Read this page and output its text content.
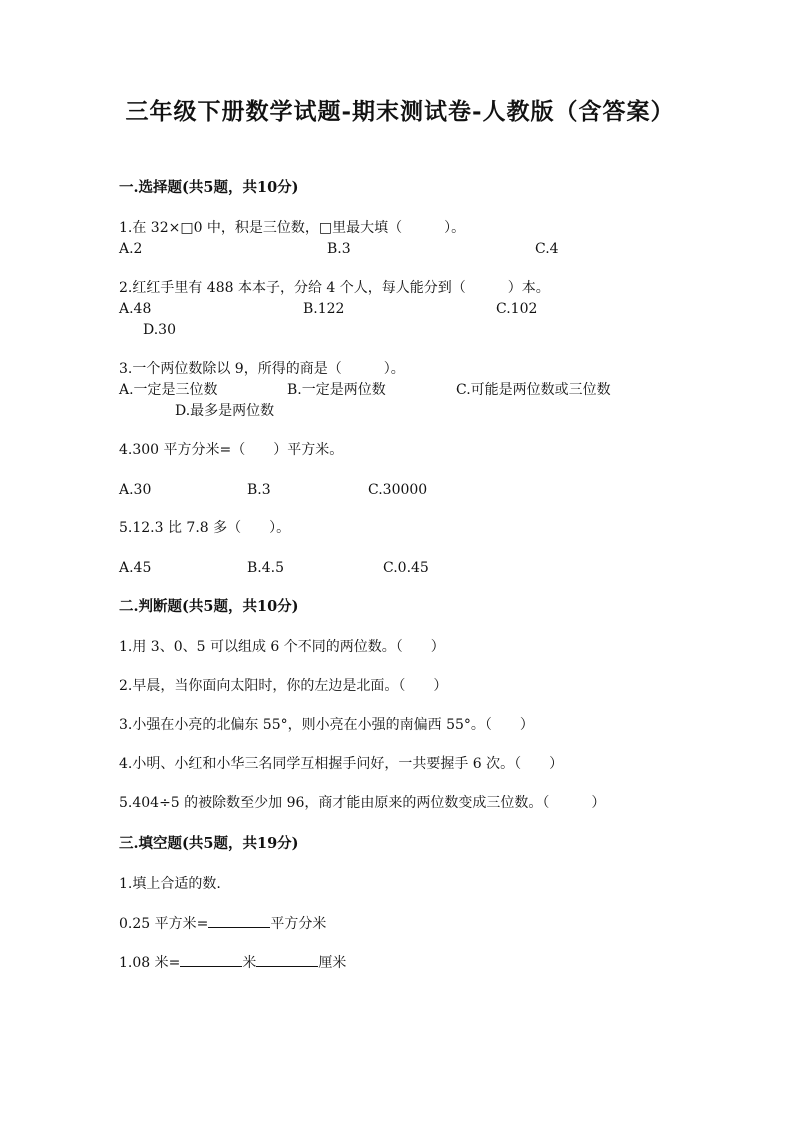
三年级下册数学试题-期末测试卷-人教版（含答案）
一.选择题(共5题，共10分)
1.在 32×□0 中，积是三位数，□里最大填（　　　）。
A.2	B.3	C.4
2.红红手里有 488 本本子，分给 4 个人，每人能分到（　　　）本。
A.48	B.122	C.102
D.30
3.一个两位数除以 9，所得的商是（　　　）。
A.一定是三位数	B.一定是两位数	C.可能是两位数或三位数
D.最多是两位数
4.300 平方分米=（　　）平方米。
A.30	B.3	C.30000
5.12.3 比 7.8 多（　　）。
A.45	B.4.5	C.0.45
二.判断题(共5题，共10分)
1.用 3、0、5 可以组成 6 个不同的两位数。（　　）
2.早晨，当你面向太阳时，你的左边是北面。（　　）
3.小强在小亮的北偏东 55°，则小亮在小强的南偏西 55°。（　　）
4.小明、小红和小华三名同学互相握手问好，一共要握手 6 次。（　　）
5.404÷5 的被除数至少加 96，商才能由原来的两位数变成三位数。（　　　）
三.填空题(共5题，共19分)
1.填上合适的数.
0.25 平方米=	平方分米
1.08 米=	米	厘米
